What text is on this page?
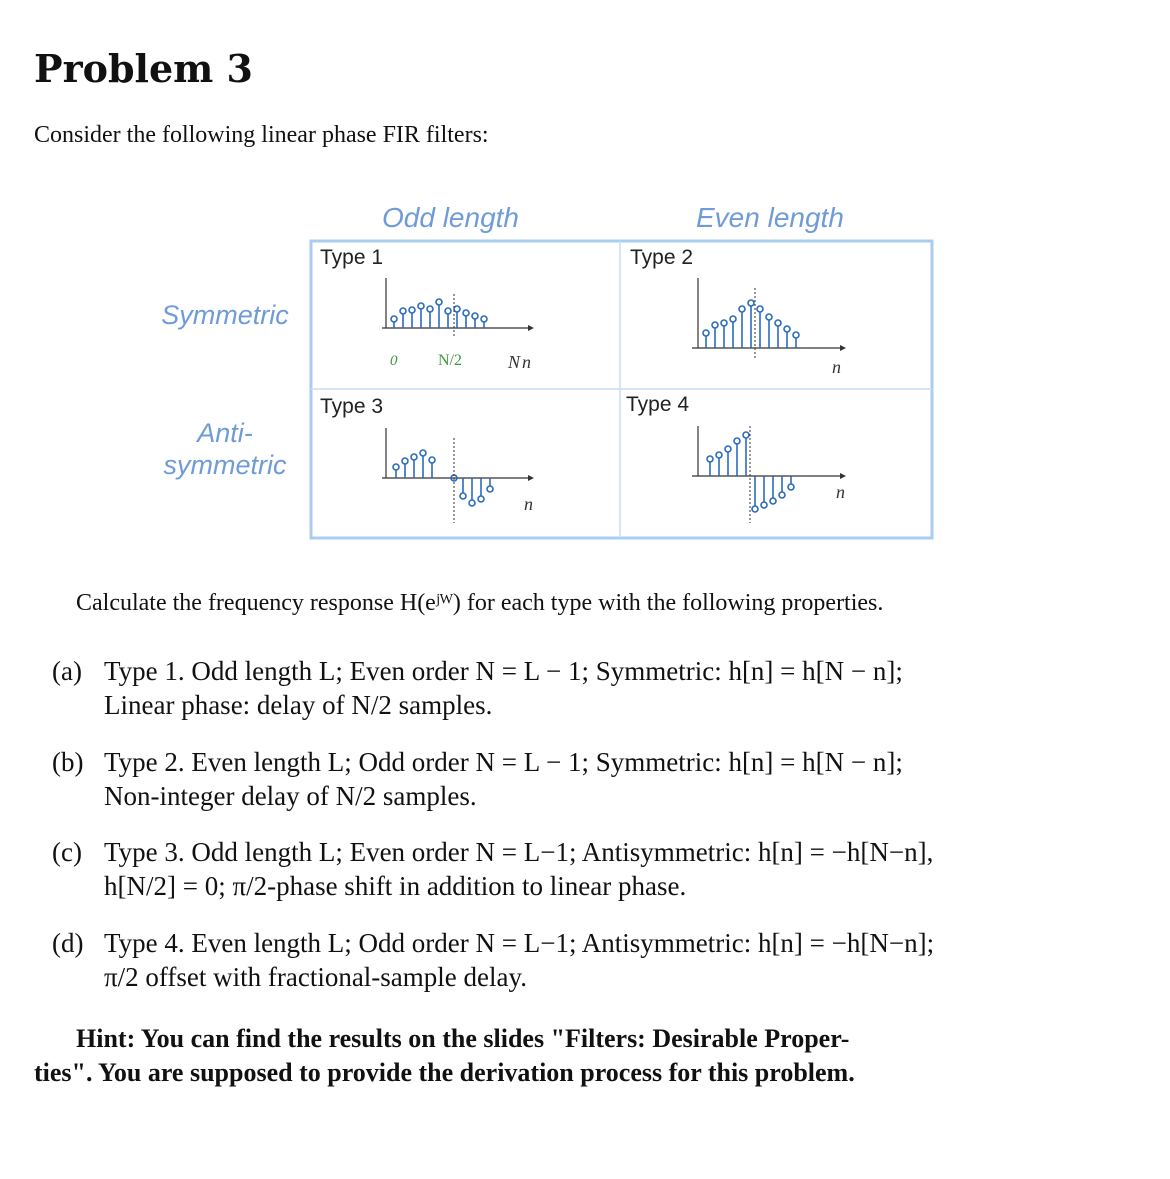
Problem 3
Consider the following linear phase FIR filters:
Odd length	Even length
Symmetric
Anti-
symmetric
0	N/2	N n	n
n
n
Type 1	Type 2
Type 3	Type 4
Calculate the frequency response H(eʲᵂ) for each type with the following properties.
(a) Type 1. Odd length L; Even order N = L − 1; Symmetric: h[n] = h[N − n];
Linear phase: delay of N/2 samples.
(b) Type 2. Even length L; Odd order N = L − 1; Symmetric: h[n] = h[N − n];
Non-integer delay of N/2 samples.
(c) Type 3. Odd length L; Even order N = L−1; Antisymmetric: h[n] = −h[N−n],
h[N/2] = 0; π/2-phase shift in addition to linear phase.
(d) Type 4. Even length L; Odd order N = L−1; Antisymmetric: h[n] = −h[N−n];
π/2 offset with fractional-sample delay.
Hint: You can find the results on the slides "Filters: Desirable Proper-
ties". You are supposed to provide the derivation process for this problem.
